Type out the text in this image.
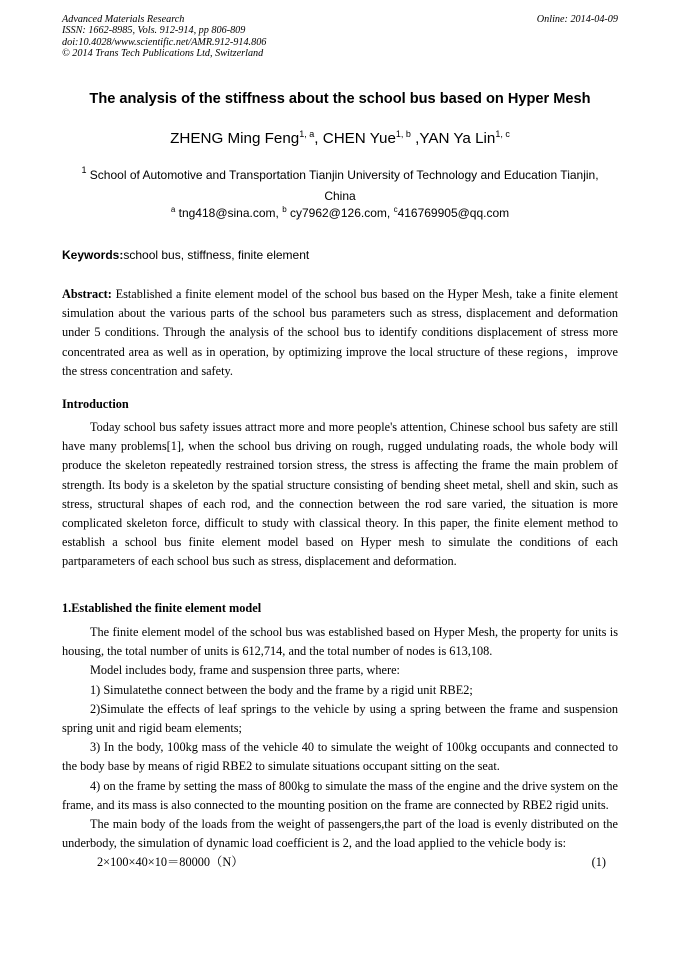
Advanced Materials Research
ISSN: 1662-8985, Vols. 912-914, pp 806-809
doi:10.4028/www.scientific.net/AMR.912-914.806
© 2014 Trans Tech Publications Ltd, Switzerland
Online: 2014-04-09
The analysis of the stiffness about the school bus based on Hyper Mesh
ZHENG Ming Feng$^{1, a}$, CHEN Yue$^{1, b}$ ,YAN Ya Lin$^{1, c}$
$^1$ School of Automotive and Transportation Tianjin University of Technology and Education Tianjin,
China
$^a$ tng418@sina.com, $^b$ cy7962@126.com, $^c$416769905@qq.com
Keywords:school bus, stiffness, finite element
Abstract: Established a finite element model of the school bus based on the Hyper Mesh, take a finite element simulation about the various parts of the school bus parameters such as stress, displacement and deformation under 5 conditions. Through the analysis of the school bus to identify conditions displacement of stress more concentrated area as well as in operation, by optimizing improve the local structure of these regions，improve the stress concentration and safety.
Introduction

Today school bus safety issues attract more and more people's attention, Chinese school bus safety are still have many problems[1], when the school bus driving on rough, rugged undulating roads, the whole body will produce the skeleton repeatedly restrained torsion stress, the stress is affecting the frame the main problem of strength. Its body is a skeleton by the spatial structure consisting of bending sheet metal, shell and skin, such as stress, structural shapes of each rod, and the connection between the rod sare varied, the situation is more complicated skeleton force, difficult to study with classical theory. In this paper, the finite element method to establish a school bus finite element model based on Hyper mesh to simulate the conditions of each partparameters of each school bus such as stress, displacement and deformation.

1.Established the finite element model

The finite element model of the school bus was established based on Hyper Mesh, the property for units is housing, the total number of units is 612,714, and the total number of nodes is 613,108.

Model includes body, frame and suspension three parts, where:

1) Simulatethe connect between the body and the frame by a rigid unit RBE2;

2)Simulate the effects of leaf springs to the vehicle by using a spring between the frame and suspension spring unit and rigid beam elements;

3) In the body, 100kg mass of the vehicle 40 to simulate the weight of 100kg occupants and connected to the body base by means of rigid RBE2 to simulate situations occupant sitting on the seat.

4) on the frame by setting the mass of 800kg to simulate the mass of the engine and the drive system on the frame, and its mass is also connected to the mounting position on the frame are connected by RBE2 rigid units.

The main body of the loads from the weight of passengers,the part of the load is evenly distributed on the underbody, the simulation of dynamic load coefficient is 2, and the load applied to the vehicle body is:

2×100×40×10＝80000（N）	(1)
